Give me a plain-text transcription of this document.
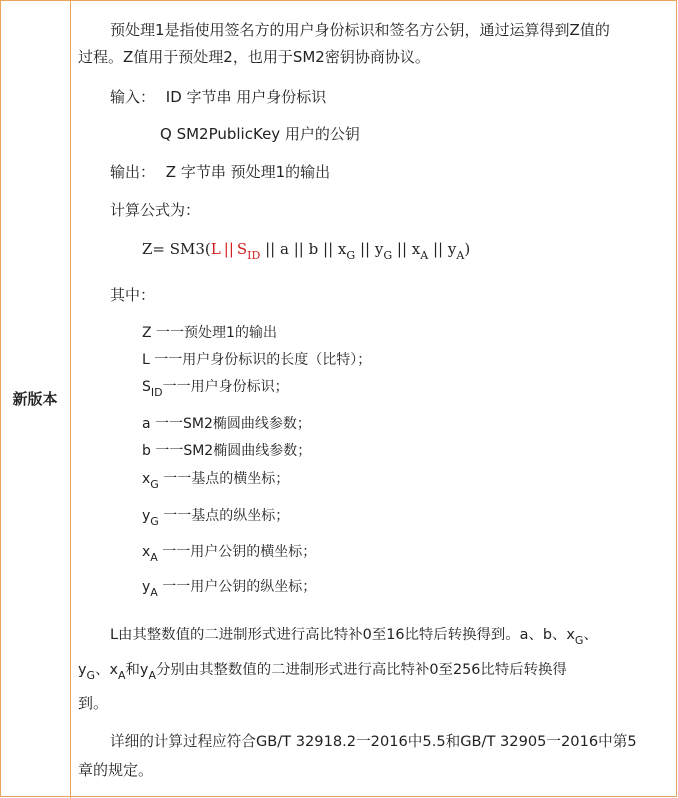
新版本
预处理1是指使用签名方的用户身份标识和签名方公钥，通过运算得到Z值的
过程。Z值用于预处理2，也用于SM2密钥协商协议。
输入： ID 字节串 用户身份标识
Q SM2PublicKey 用户的公钥
输出： Z 字节串 预处理1的输出
计算公式为：
Z= SM3(L || $S_{ID}$ || a || b || $x_G$ || $y_G$ || $x_A$ || $y_A$)
其中：
Z 一一预处理1的输出
L 一一用户身份标识的长度（比特）；
$S_{ID}$一一用户身份标识；
a 一一SM2椭圆曲线参数；
b 一一SM2椭圆曲线参数；
$x_G$ 一一基点的横坐标；
$y_G$ 一一基点的纵坐标；
$x_A$ 一一用户公钥的横坐标；
$y_A$ 一一用户公钥的纵坐标；
L由其整数值的二进制形式进行高比特补0至16比特后转换得到。a、b、$x_G$、
$y_G$、$x_A$和$y_A$分别由其整数值的二进制形式进行高比特补0至256比特后转换得
到。
详细的计算过程应符合GB/T 32918.2一2016中5.5和GB/T 32905一2016中第5
章的规定。
